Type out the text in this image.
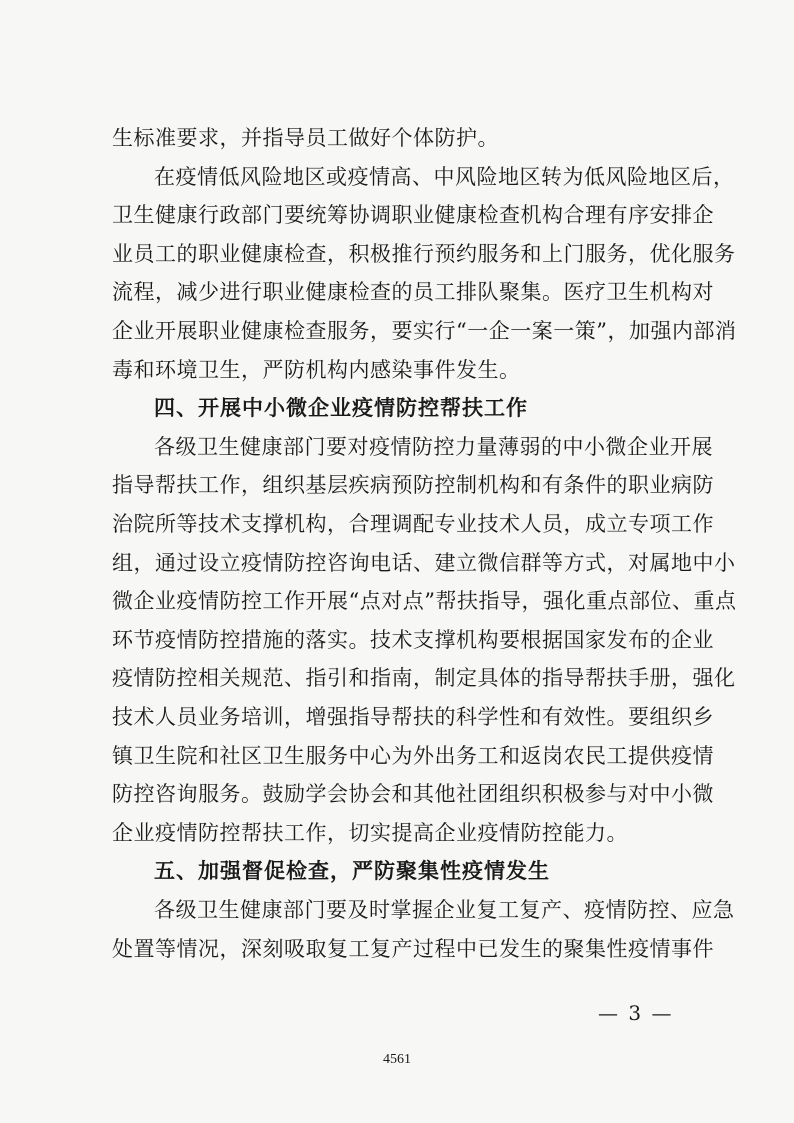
生标准要求，并指导员工做好个体防护。
在疫情低风险地区或疫情高、中风险地区转为低风险地区后，
卫生健康行政部门要统筹协调职业健康检查机构合理有序安排企
业员工的职业健康检查，积极推行预约服务和上门服务，优化服务
流程，减少进行职业健康检查的员工排队聚集。医疗卫生机构对
企业开展职业健康检查服务，要实行“一企一案一策”，加强内部消
毒和环境卫生，严防机构内感染事件发生。
四、开展中小微企业疫情防控帮扶工作
各级卫生健康部门要对疫情防控力量薄弱的中小微企业开展
指导帮扶工作，组织基层疾病预防控制机构和有条件的职业病防
治院所等技术支撑机构，合理调配专业技术人员，成立专项工作
组，通过设立疫情防控咨询电话、建立微信群等方式，对属地中小
微企业疫情防控工作开展“点对点”帮扶指导，强化重点部位、重点
环节疫情防控措施的落实。技术支撑机构要根据国家发布的企业
疫情防控相关规范、指引和指南，制定具体的指导帮扶手册，强化
技术人员业务培训，增强指导帮扶的科学性和有效性。要组织乡
镇卫生院和社区卫生服务中心为外出务工和返岗农民工提供疫情
防控咨询服务。鼓励学会协会和其他社团组织积极参与对中小微
企业疫情防控帮扶工作，切实提高企业疫情防控能力。
五、加强督促检查，严防聚集性疫情发生
各级卫生健康部门要及时掌握企业复工复产、疫情防控、应急
处置等情况，深刻吸取复工复产过程中已发生的聚集性疫情事件
— 3 —
4561
